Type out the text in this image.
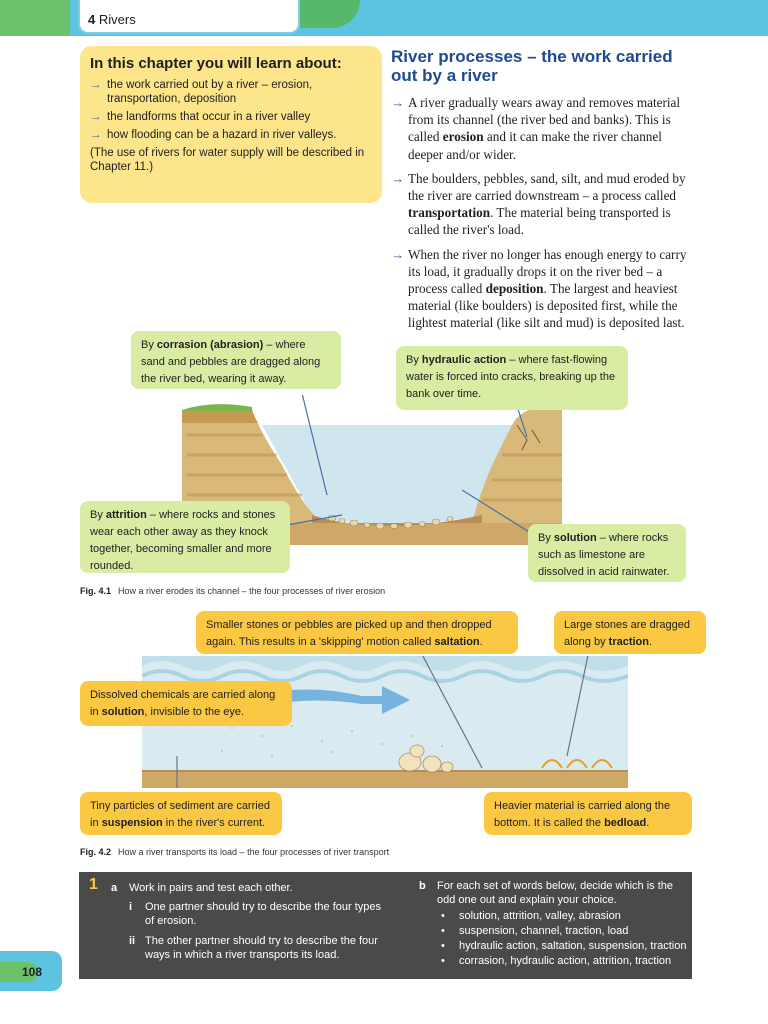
4 Rivers
In this chapter you will learn about:
→ the work carried out by a river – erosion, transportation, deposition
→ the landforms that occur in a river valley
→ how flooding can be a hazard in river valleys.
(The use of rivers for water supply will be described in Chapter 11.)
River processes – the work carried out by a river
→ A river gradually wears away and removes material from its channel (the river bed and banks). This is called erosion and it can make the river channel deeper and/or wider.
→ The boulders, pebbles, sand, silt, and mud eroded by the river are carried downstream – a process called transportation. The material being transported is called the river's load.
→ When the river no longer has enough energy to carry its load, it gradually drops it on the river bed – a process called deposition. The largest and heaviest material (like boulders) is deposited first, while the lightest material (like silt and mud) is deposited last.
By corrasion (abrasion) – where sand and pebbles are dragged along the river bed, wearing it away.
By hydraulic action – where fast-flowing water is forced into cracks, breaking up the bank over time.
By attrition – where rocks and stones wear each other away as they knock together, becoming smaller and more rounded.
By solution – where rocks such as limestone are dissolved in acid rainwater.
Fig. 4.1 How a river erodes its channel – the four processes of river erosion
Smaller stones or pebbles are picked up and then dropped again. This results in a 'skipping' motion called saltation.
Large stones are dragged along by traction.
Dissolved chemicals are carried along in solution, invisible to the eye.
Tiny particles of sediment are carried in suspension in the river's current.
Heavier material is carried along the bottom. It is called the bedload.
Fig. 4.2 How a river transports its load – the four processes of river transport
1 a Work in pairs and test each other.
i	One partner should try to describe the four types of erosion.
ii The other partner should try to describe the four ways in which a river transports its load.
b For each set of words below, decide which is the odd one out and explain your choice.
• solution, attrition, valley, abrasion
• suspension, channel, traction, load
• hydraulic action, saltation, suspension, traction
• corrasion, hydraulic action, attrition, traction
108
